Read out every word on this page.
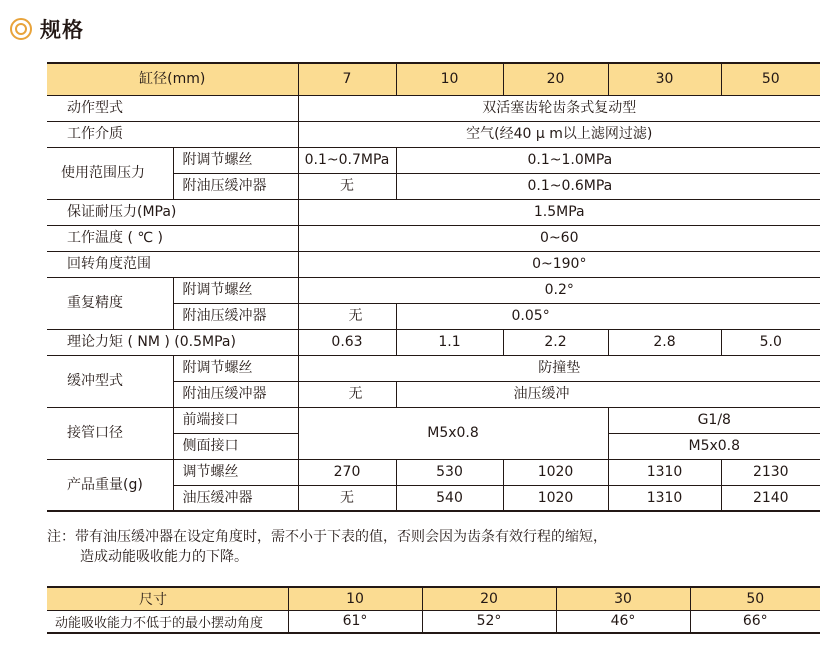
规格
缸径(mm)		7	10	20	30	50
动作型式		双活塞齿轮齿条式复动型				
工作介质		空气(经40 μ m以上滤网过滤)				
使用范围压力	附调节螺丝	0.1~0.7MPa	0.1~1.0MPa			
	附油压缓冲器	无	0.1~0.6MPa			
保证耐压力(MPa)		1.5MPa				
工作温度 ( ℃ )		0~60				
回转角度范围		0~190°				
重复精度	附调节螺丝	0.2°				
	附油压缓冲器	无	0.05°			
理论力矩 ( NM ) (0.5MPa)		0.63	1.1	2.2	2.8	5.0
缓冲型式	附调节螺丝	防撞垫				
	附油压缓冲器	无	油压缓冲			
接管口径	前端接口	M5x0.8			G1/8	
	侧面接口				M5x0.8	
产品重量(g)	调节螺丝	270	530	1020	1310	2130
	油压缓冲器	无	540	1020	1310	2140
注：带有油压缓冲器在设定角度时，需不小于下表的值，否则会因为齿条有效行程的缩短，
造成动能吸收能力的下降。
尺寸	10	20	30	50
动能吸收能力不低于的最小摆动角度	61°	52°	46°	66°
